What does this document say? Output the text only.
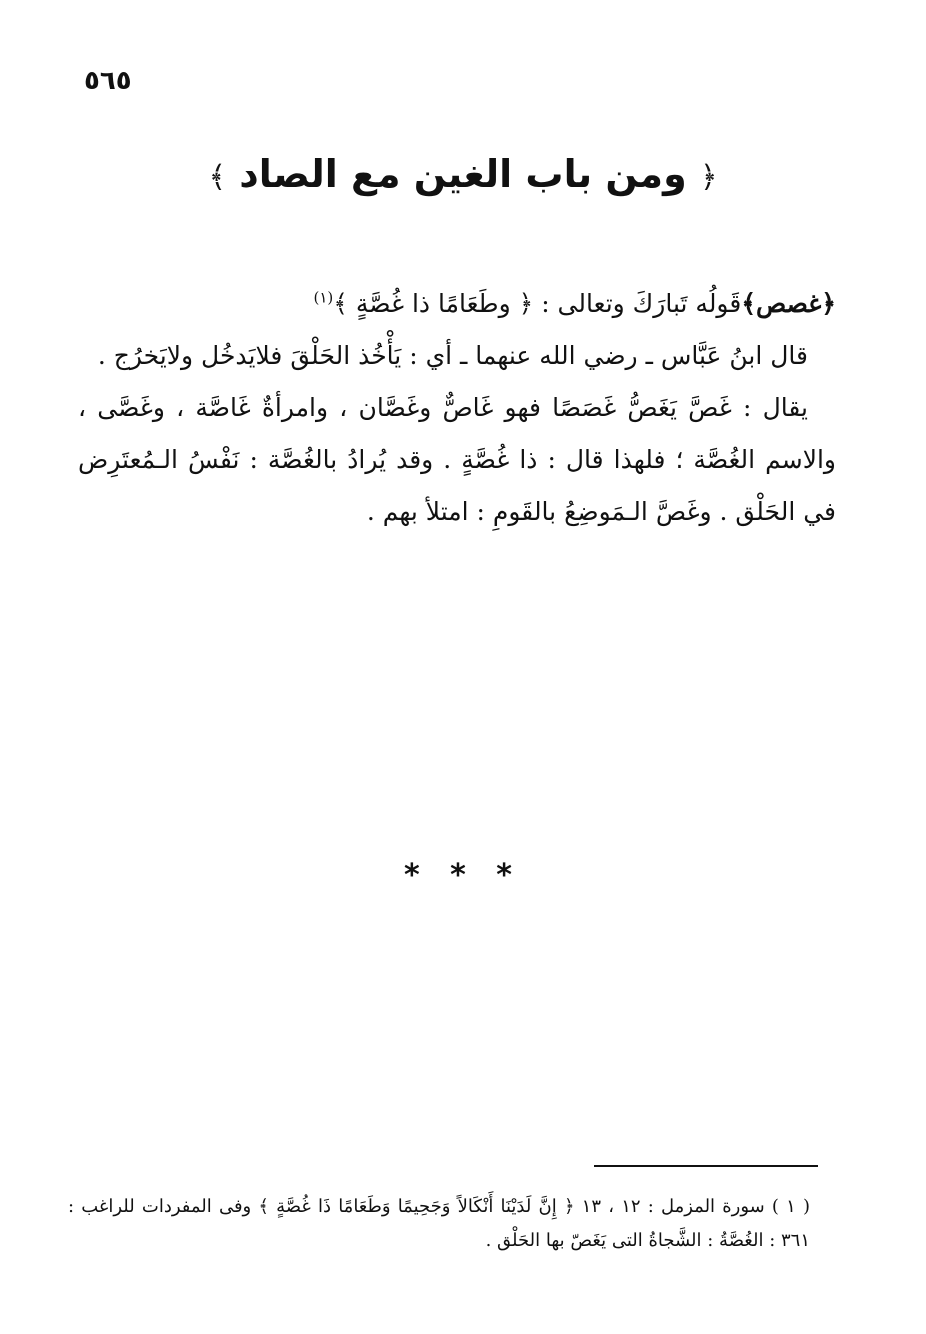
٥٦٥
﴿ ومن باب الغين مع الصاد ﴾

﴿غصص﴾قَولُه تَبارَكَ وتعالى : ﴿ وطَعَامًا ذا غُصَّةٍ ﴾$^{(١)}$

قال ابنُ عَبَّاس ـ رضي الله عنهما ـ أي : يَأْخُذ الحَلْقَ فلايَدخُل ولايَخرُج .

يقال : غَصَّ يَغَصُّ غَصَصًا فهو غَاصٌّ وغَصَّان ، وامرأةٌ غَاصَّة ، وغَصَّى ، والاسم الغُصَّة ؛ فلهذا قال : ذا غُصَّةٍ . وقد يُرادُ بالغُصَّة : نَفْسُ الـمُعتَرِض في الحَلْق . وغَصَّ الـمَوضِعُ بالقَومِ : امتلأ بهم .

* * *

( ١ ) سورة المزمل : ١٢ ، ١٣ ﴿ إِنَّ لَدَيْنَا أَنْكَالاً وَجَحِيمًا وَطَعَامًا ذَا غُصَّةٍ ﴾ وفى المفردات للراغب : ٣٦١ : الغُصَّةُ : الشَّجاةُ التى يَغَصّ بها الحَلْق .
